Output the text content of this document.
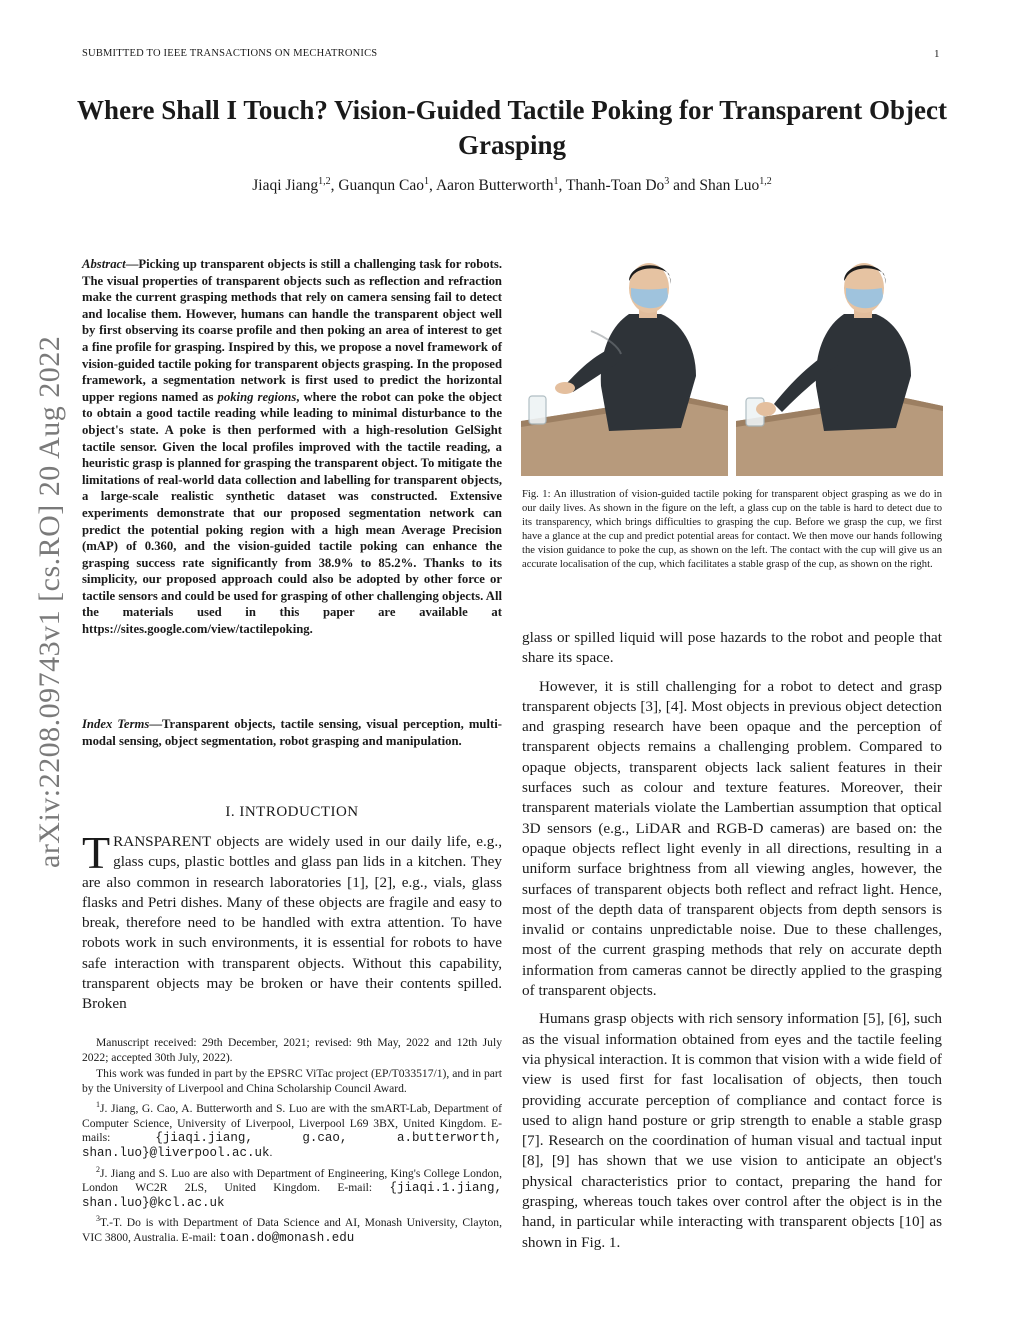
SUBMITTED TO IEEE TRANSACTIONS ON MECHATRONICS	1
Where Shall I Touch? Vision-Guided Tactile Poking for Transparent Object Grasping
Jiaqi Jiang$^{1,2}$, Guanqun Cao$^1$, Aaron Butterworth$^1$, Thanh-Toan Do$^3$ and Shan Luo$^{1,2}$
arXiv:2208.09743v1 [cs.RO] 20 Aug 2022
Abstract—Picking up transparent objects is still a challenging task for robots. The visual properties of transparent objects such as reflection and refraction make the current grasping methods that rely on camera sensing fail to detect and localise them. However, humans can handle the transparent object well by first observing its coarse profile and then poking an area of interest to get a fine profile for grasping. Inspired by this, we propose a novel framework of vision-guided tactile poking for transparent objects grasping. In the proposed framework, a segmentation network is first used to predict the horizontal upper regions named as poking regions, where the robot can poke the object to obtain a good tactile reading while leading to minimal disturbance to the object's state. A poke is then performed with a high-resolution GelSight tactile sensor. Given the local profiles improved with the tactile reading, a heuristic grasp is planned for grasping the transparent object. To mitigate the limitations of real-world data collection and labelling for transparent objects, a large-scale realistic synthetic dataset was constructed. Extensive experiments demonstrate that our proposed segmentation network can predict the potential poking region with a high mean Average Precision (mAP) of 0.360, and the vision-guided tactile poking can enhance the grasping success rate significantly from 38.9% to 85.2%. Thanks to its simplicity, our proposed approach could also be adopted by other force or tactile sensors and could be used for grasping of other challenging objects. All the materials used in this paper are available at https://sites.google.com/view/tactilepoking.
Index Terms—Transparent objects, tactile sensing, visual perception, multi-modal sensing, object segmentation, robot grasping and manipulation.
I. INTRODUCTION
TRANSPARENT objects are widely used in our daily life, e.g., glass cups, plastic bottles and glass pan lids in a kitchen. They are also common in research laboratories [1], [2], e.g., vials, glass flasks and Petri dishes. Many of these objects are fragile and easy to break, therefore need to be handled with extra attention. To have robots work in such environments, it is essential for robots to have safe interaction with transparent objects. Without this capability, transparent objects may be broken or have their contents spilled. Broken

Manuscript received: 29th December, 2021; revised: 9th May, 2022 and 12th July 2022; accepted 30th July, 2022).

This work was funded in part by the EPSRC ViTac project (EP/T033517/1), and in part by the University of Liverpool and China Scholarship Council Award.

$^1$J. Jiang, G. Cao, A. Butterworth and S. Luo are with the smART-Lab, Department of Computer Science, University of Liverpool, Liverpool L69 3BX, United Kingdom. E-mails: {jiaqi.jiang, g.cao, a.butterworth, shan.luo}@liverpool.ac.uk.

$^2$J. Jiang and S. Luo are also with Department of Engineering, King's College London, London WC2R 2LS, United Kingdom. E-mail: {jiaqi.1.jiang, shan.luo}@kcl.ac.uk

$^3$T.-T. Do is with Department of Data Science and AI, Monash University, Clayton, VIC 3800, Australia. E-mail: toan.do@monash.edu

Fig. 1: An illustration of vision-guided tactile poking for transparent object grasping as we do in our daily lives. As shown in the figure on the left, a glass cup on the table is hard to detect due to its transparency, which brings difficulties to grasping the cup. Before we grasp the cup, we first have a glance at the cup and predict potential areas for contact. We then move our hands following the vision guidance to poke the cup, as shown on the left. The contact with the cup will give us an accurate localisation of the cup, which facilitates a stable grasp of the cup, as shown on the right.

glass or spilled liquid will pose hazards to the robot and people that share its space.

However, it is still challenging for a robot to detect and grasp transparent objects [3], [4]. Most objects in previous object detection and grasping research have been opaque and the perception of transparent objects remains a challenging problem. Compared to opaque objects, transparent objects lack salient features in their surfaces such as colour and texture features. Moreover, their transparent materials violate the Lambertian assumption that optical 3D sensors (e.g., LiDAR and RGB-D cameras) are based on: the opaque objects reflect light evenly in all directions, resulting in a uniform surface brightness from all viewing angles, however, the surfaces of transparent objects both reflect and refract light. Hence, most of the depth data of transparent objects from depth sensors is invalid or contains unpredictable noise. Due to these challenges, most of the current grasping methods that rely on accurate depth information from cameras cannot be directly applied to the grasping of transparent objects.

Humans grasp objects with rich sensory information [5], [6], such as the visual information obtained from eyes and the tactile feeling via physical interaction. It is common that vision with a wide field of view is used first for fast localisation of objects, then touch providing accurate perception of compliance and contact force is used to align hand posture or grip strength to enable a stable grasp [7]. Research on the coordination of human visual and tactual input [8], [9] has shown that we use vision to anticipate an object's physical characteristics prior to contact, preparing the hand for grasping, whereas touch takes over control after the object is in the hand, in particular while interacting with transparent objects [10] as shown in Fig. 1.
